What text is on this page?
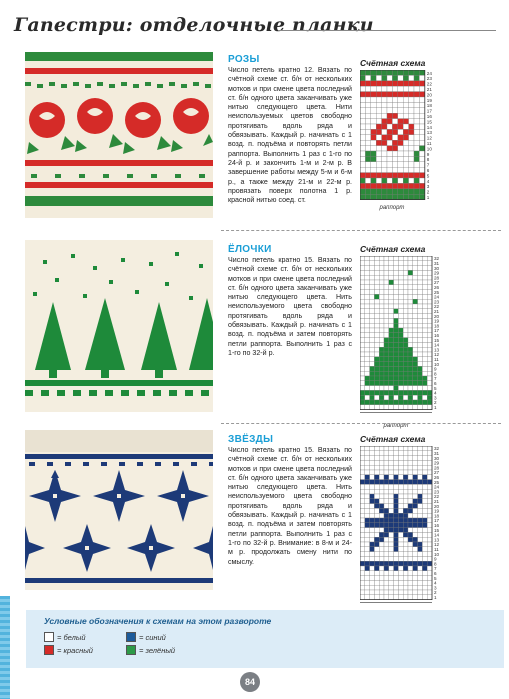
Гапестри: отделочные планки

РОЗЫ

Число петель кратно 12. Вязать по счётной схеме ст. б/н от нескольких мотков и при смене цвета последний ст. б/н одного цвета заканчивать уже нитью следующего цвета. Нити неиспользуемых цветов свободно протягивать вдоль ряда и обвязывать. Каждый р. начинать с 1 возд. п. подъёма и повторять петли раппорта. Выполнить 1 раз с 1-го по 24-й р. и закончить 1-м и 2-м р. В завершение работы между 5-м и 6-м р., а также между 21-м и 22-м р. провязать поверх полотна 1 р. красной нитью соед. ст.

Счётная схема

24
23
22
21
20
19
18
17
16
15
14
13
12
11
10
9
8
7
6
5
4
3
2
1
раппорт

ЁЛОЧКИ

Число петель кратно 15. Вязать по счётной схеме ст. б/н от нескольких мотков и при смене цвета последний ст. б/н одного цвета заканчивать уже нитью следующего цвета. Нить неиспользуемого цвета свободно протягивать вдоль ряда и обвязывать. Каждый р. начинать с 1 возд. п. подъёма и затем повторять петли раппорта. Выполнить 1 раз с 1-го по 32-й р.

Счётная схема

32
31
30
29
28
27
26
25
24
23
22
21
20
19
18
17
16
15
14
13
12
11
10
9
8
7
6
5
4
3
2
1
раппорт

ЗВЁЗДЫ

Число петель кратно 15. Вязать по счётной схеме ст. б/н от нескольких мотков и при смене цвета последний ст. б/н одного цвета заканчивать уже нитью следующего цвета. Нить неиспользуемого цвета свободно протягивать вдоль ряда и обвязывать. Каждый р. начинать с 1 возд. п. подъёма и затем повторять петли раппорта. Выполнить 1 раз с 1-го по 32-й р. Внимание: в 8-м и 24-м р. продолжать смену нити по смыслу.

Счётная схема

32
31
30
29
28
27
26
25
24
23
22
21
20
19
18
17
16
15
14
13
12
11
10
9
8
7
6
5
4
3
2
1
Условные обозначения к схемам на этом развороте
= белый	= синий
= красный	= зелёный
84
